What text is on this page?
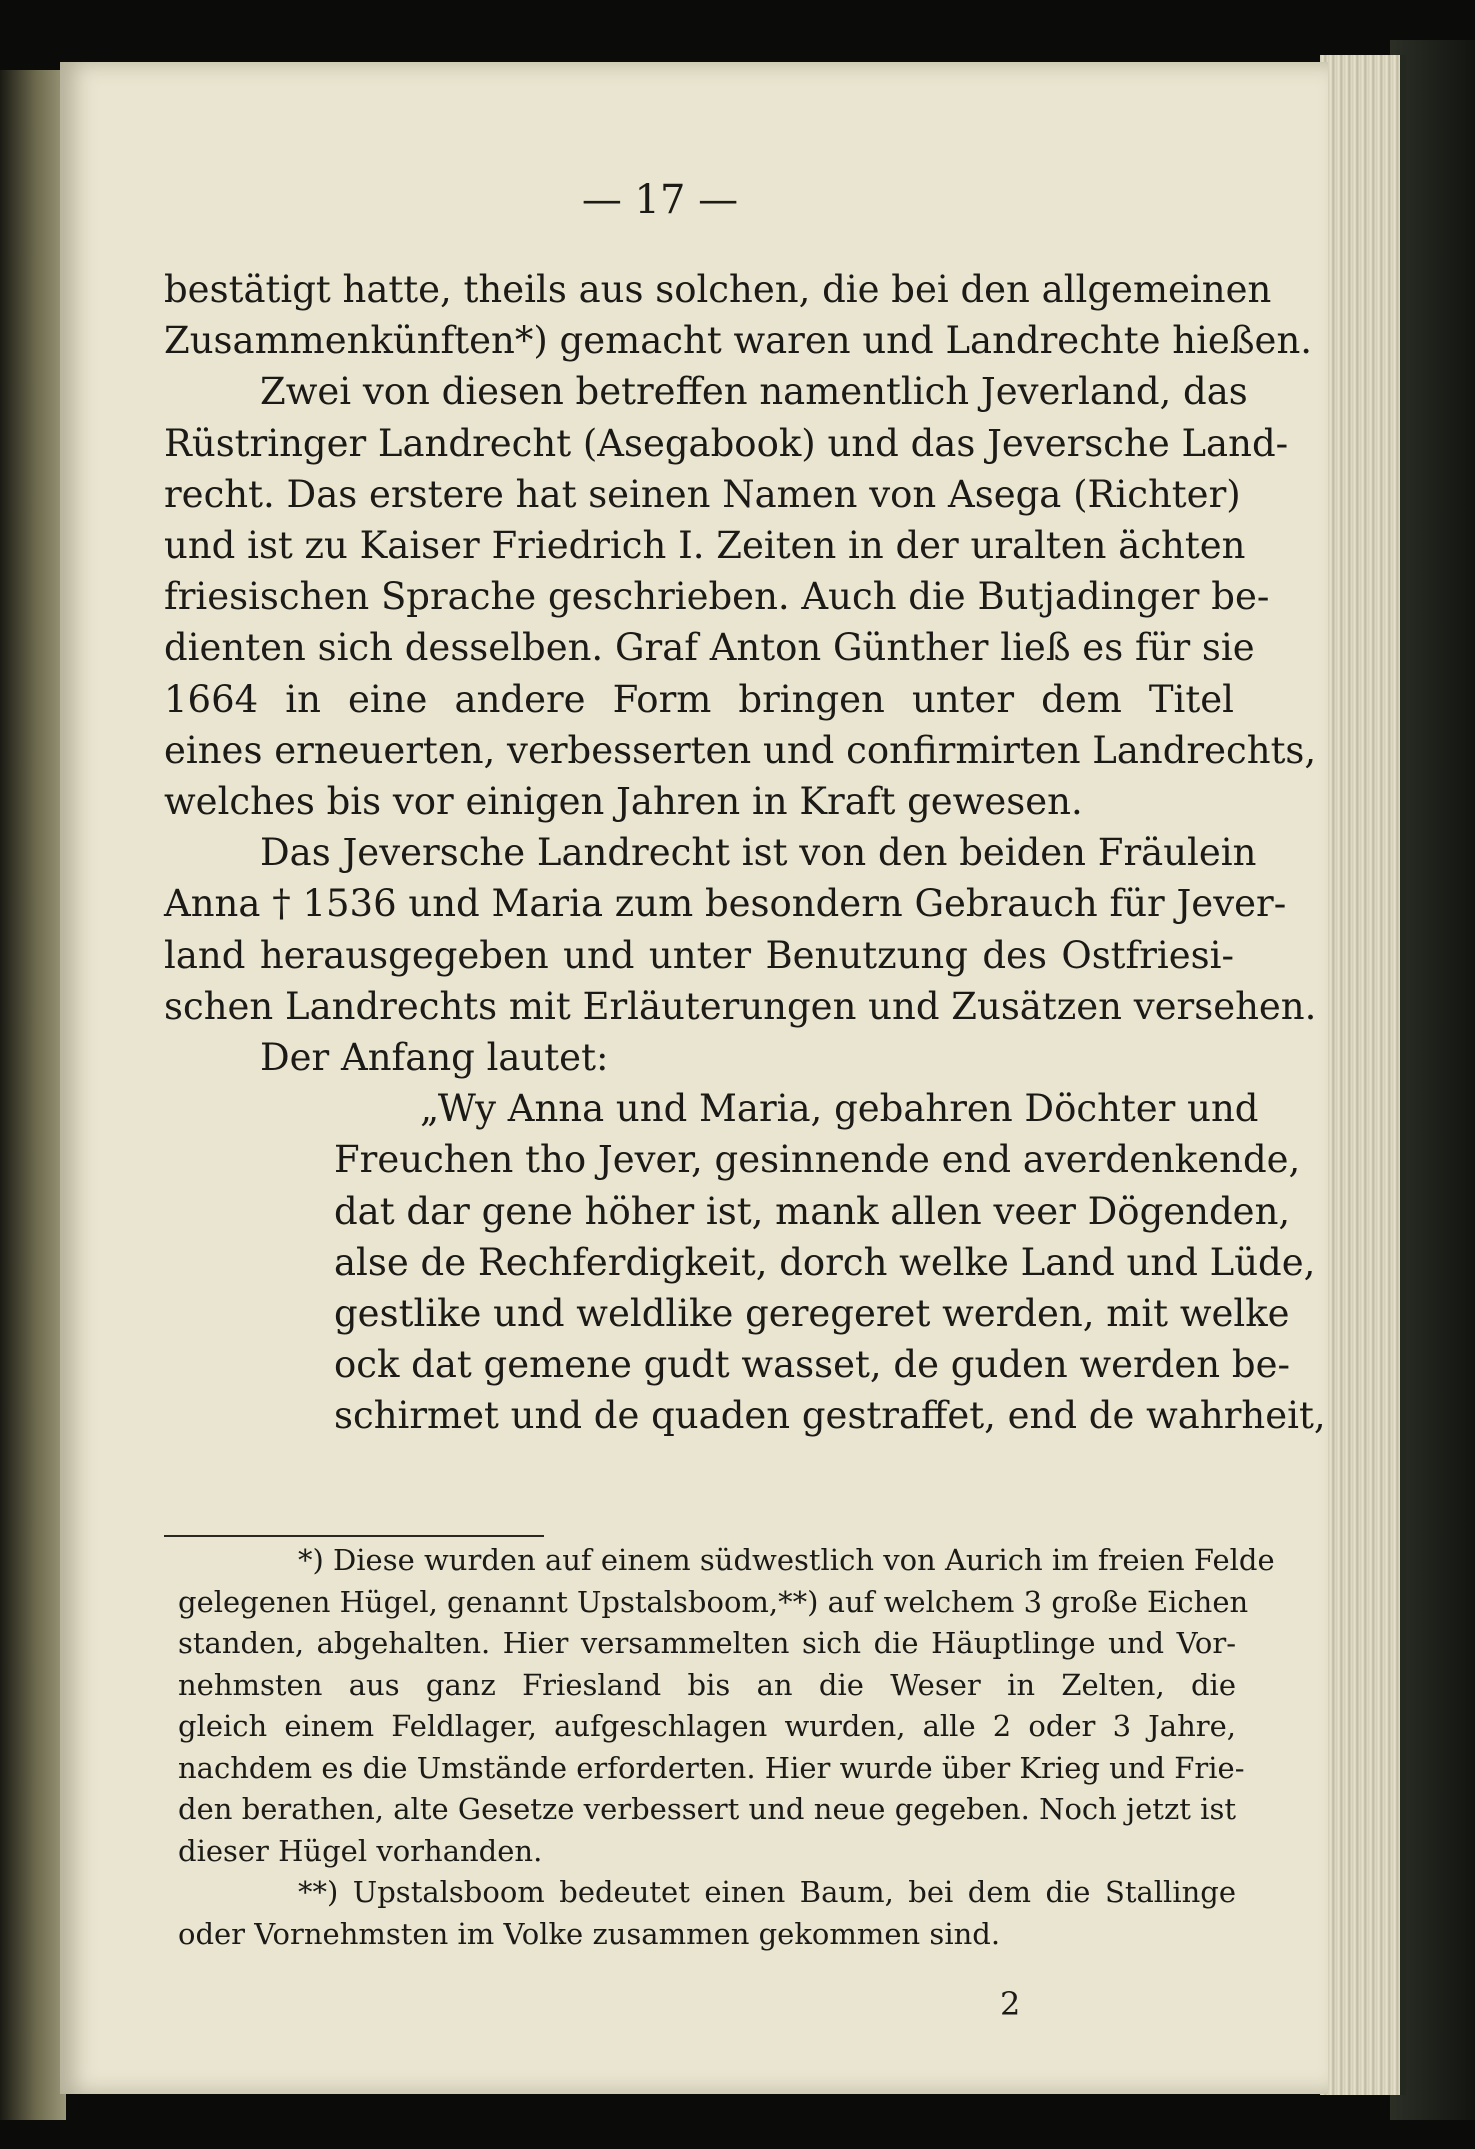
— 17 —
bestätigt hatte, theils aus solchen, die bei den allgemeinen
Zusammenkünften*) gemacht waren und Landrechte hießen.
Zwei von diesen betreffen namentlich Jeverland, das
Rüstringer Landrecht (Asegabook) und das Jeversche Land-
recht. Das erstere hat seinen Namen von Asega (Richter)
und ist zu Kaiser Friedrich I. Zeiten in der uralten ächten
friesischen Sprache geschrieben. Auch die Butjadinger be-
dienten sich desselben. Graf Anton Günther ließ es für sie
1664 in eine andere Form bringen unter dem Titel
eines erneuerten, verbesserten und confirmirten Landrechts,
welches bis vor einigen Jahren in Kraft gewesen.
Das Jeversche Landrecht ist von den beiden Fräulein
Anna † 1536 und Maria zum besondern Gebrauch für Jever-
land herausgegeben und unter Benutzung des Ostfriesi-
schen Landrechts mit Erläuterungen und Zusätzen versehen.
Der Anfang lautet:
„Wy Anna und Maria, gebahren Döchter und
Freuchen tho Jever, gesinnende end averdenkende,
dat dar gene höher ist, mank allen veer Dögenden,
alse de Rechferdigkeit, dorch welke Land und Lüde,
gestlike und weldlike geregeret werden, mit welke
ock dat gemene gudt wasset, de guden werden be-
schirmet und de quaden gestraffet, end de wahrheit,
*) Diese wurden auf einem südwestlich von Aurich im freien Felde
gelegenen Hügel, genannt Upstalsboom,**) auf welchem 3 große Eichen
standen, abgehalten. Hier versammelten sich die Häuptlinge und Vor-
nehmsten aus ganz Friesland bis an die Weser in Zelten, die
gleich einem Feldlager, aufgeschlagen wurden, alle 2 oder 3 Jahre,
nachdem es die Umstände erforderten. Hier wurde über Krieg und Frie-
den berathen, alte Gesetze verbessert und neue gegeben. Noch jetzt ist
dieser Hügel vorhanden.
**) Upstalsboom bedeutet einen Baum, bei dem die Stallinge
oder Vornehmsten im Volke zusammen gekommen sind.
2
